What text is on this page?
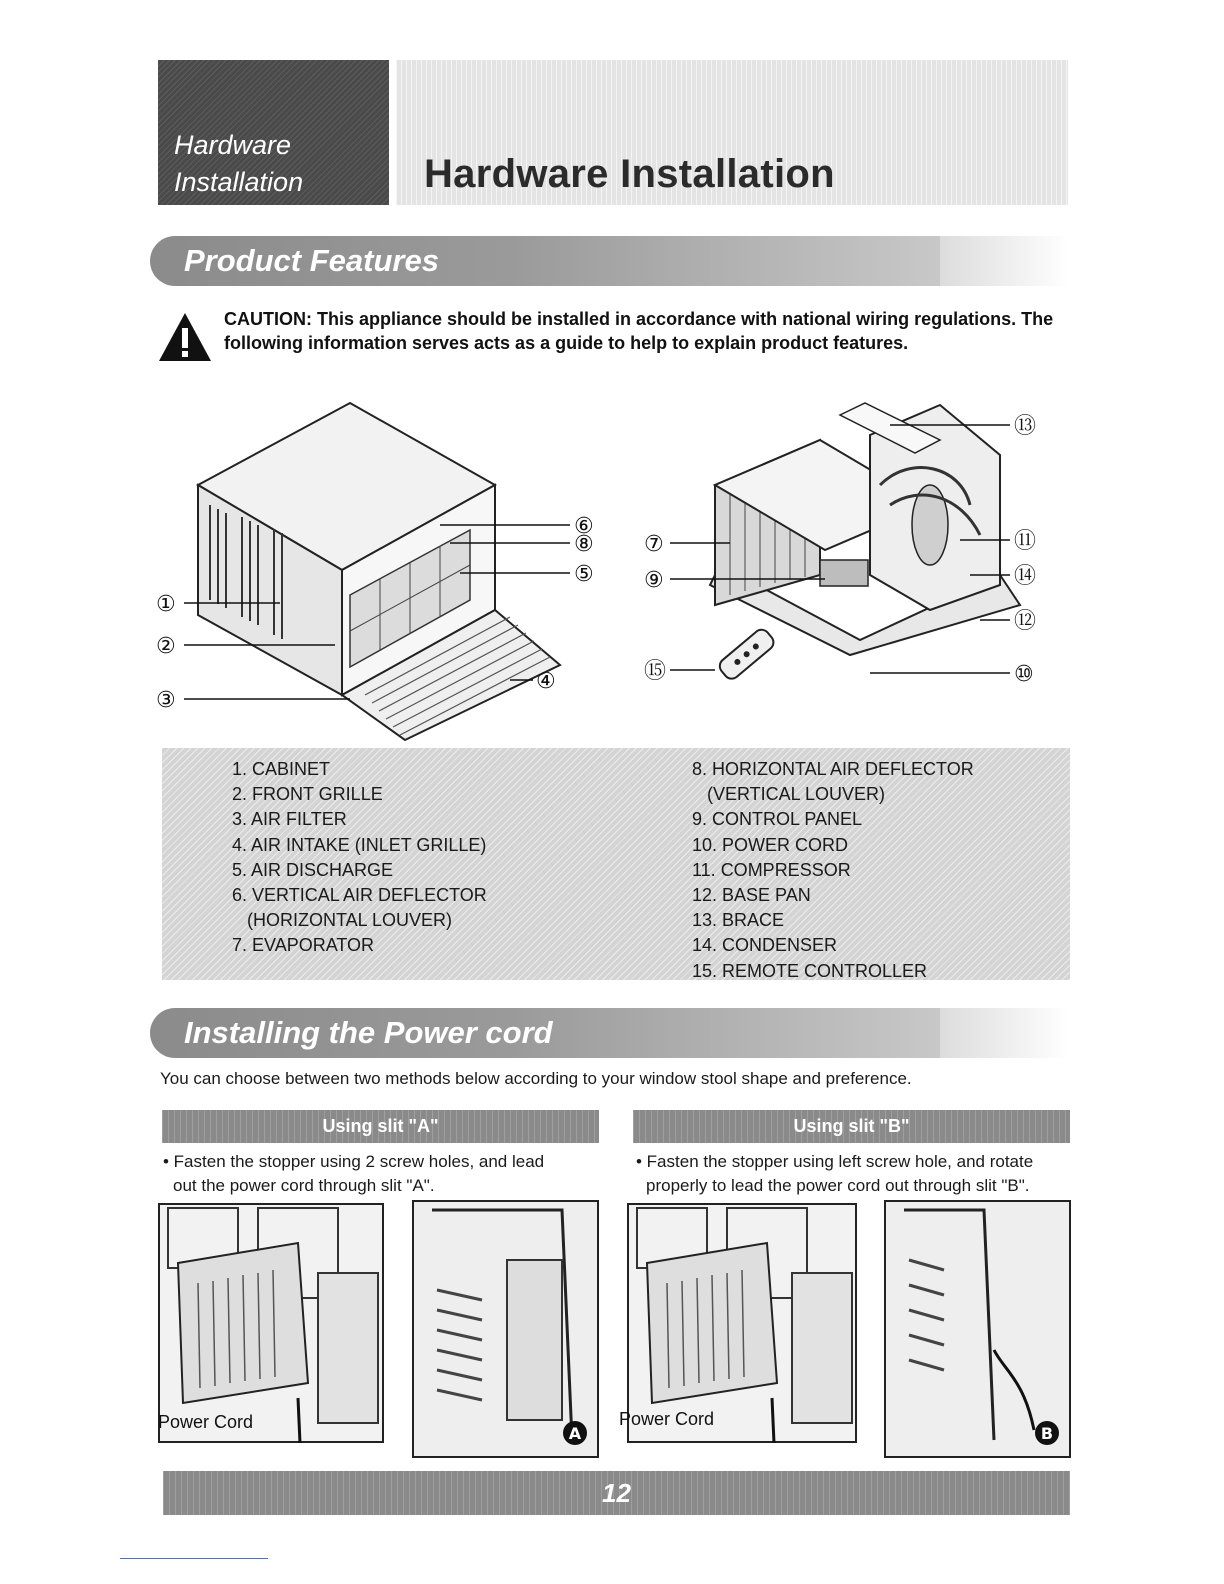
Hardware
Installation	Hardware Installation
Product Features
CAUTION: This appliance should be installed in accordance with national wiring regulations. The following information serves acts as a guide to help to explain product features.
①
②
③
④
⑤
⑥
⑧
⑬
⑪
⑭
⑫
⑩
⑦
⑨
⑮
1. CABINET
2. FRONT GRILLE
3. AIR FILTER
4. AIR INTAKE (INLET GRILLE)
5. AIR DISCHARGE
6. VERTICAL AIR DEFLECTOR
(HORIZONTAL LOUVER)
7. EVAPORATOR
8. HORIZONTAL AIR DEFLECTOR
(VERTICAL LOUVER)
9. CONTROL PANEL
10. POWER CORD
11. COMPRESSOR
12. BASE PAN
13. BRACE
14. CONDENSER
15. REMOTE CONTROLLER
Installing the Power cord
You can choose between two methods below according to your window stool shape and preference.
Using slit "A"
• Fasten the stopper using 2 screw holes, and lead
out the power cord through slit "A".
Power Cord
A
Using slit "B"
• Fasten the stopper using left screw hole, and rotate
properly to lead the power cord out through slit "B".
Power Cord
B
12
